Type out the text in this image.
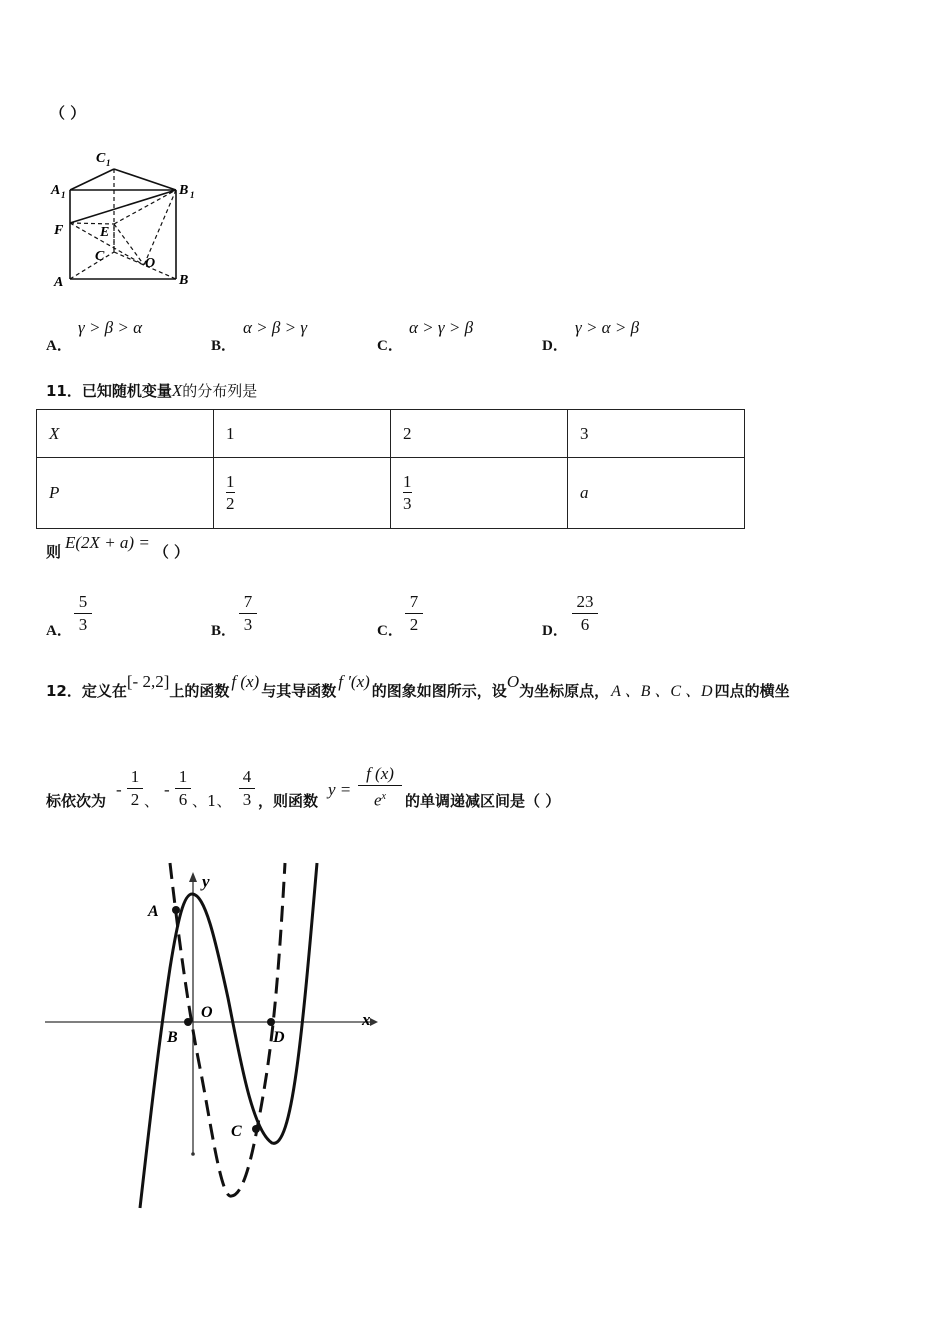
（ ）
C 1
A 1	B 1
F	E
C	O
A	B
A．
γ > β > α
B．
α > β > γ
C．
α > γ > β
D．
γ > α > β
11．已知随机变量X的分布列是
X	1	2	3
P	$\frac{1}{2}$	$\frac{1}{3}$	a
则 E(2X + a) = （ ）
A．
5
3	B．
7
3	C．
7
2	D．
23
6
12．定义在[- 2,2]上的函数 f (x) 与其导函数 f ′(x) 的图象如图所示，设O为坐标原点， A 、B 、C 、D 四点的横坐
标依次为
-
1
2 、
-
1
6 、1、
4
3 ，则函数
y =
f (x)
$e^x$	的单调递减区间是（ ）
y
x
A
B
O
C
D
